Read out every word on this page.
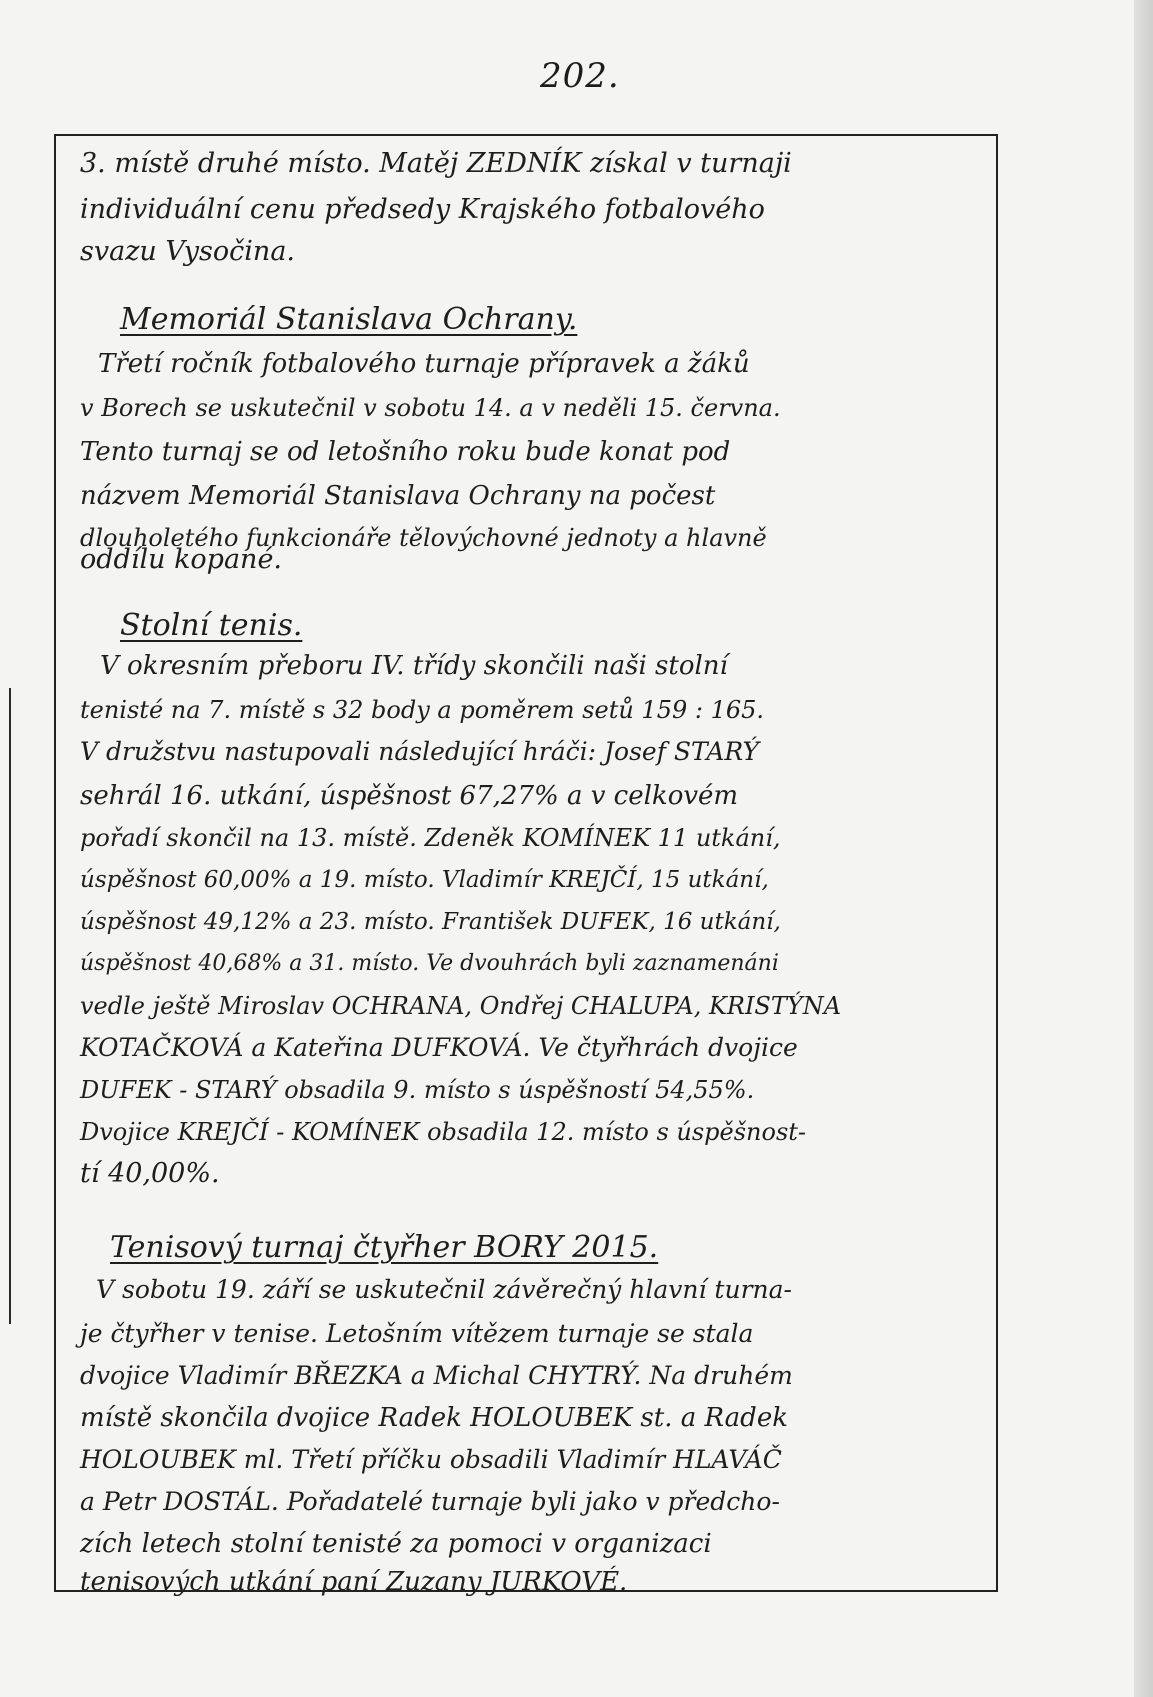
202.
3. místě druhé místo. Matěj ZEDNÍK získal v turnaji
individuální cenu předsedy Krajského fotbalového
svazu Vysočina.
Memoriál Stanislava Ochrany.
Třetí ročník fotbalového turnaje přípravek a žáků
v Borech se uskutečnil v sobotu 14. a v neděli 15. června.
Tento turnaj se od letošního roku bude konat pod
názvem Memoriál Stanislava Ochrany na počest
dlouholetého funkcionáře tělovýchovné jednoty a hlavně
oddílu kopané.
Stolní tenis.
V okresním přeboru IV. třídy skončili naši stolní
tenisté na 7. místě s 32 body a poměrem setů 159 : 165.
V družstvu nastupovali následující hráči: Josef STARÝ
sehrál 16. utkání, úspěšnost 67,27% a v celkovém
pořadí skončil na 13. místě. Zdeněk KOMÍNEK 11 utkání,
úspěšnost 60,00% a 19. místo. Vladimír KREJČÍ, 15 utkání,
úspěšnost 49,12% a 23. místo. František DUFEK, 16 utkání,
úspěšnost 40,68% a 31. místo. Ve dvouhrách byli zaznamenáni
vedle ještě Miroslav OCHRANA, Ondřej CHALUPA, KRISTÝNA
KOTAČKOVÁ a Kateřina DUFKOVÁ. Ve čtyřhrách dvojice
DUFEK - STARÝ obsadila 9. místo s úspěšností 54,55%.
Dvojice KREJČÍ - KOMÍNEK obsadila 12. místo s úspěšnost-
tí 40,00%.
Tenisový turnaj čtyřher BORY 2015.
V sobotu 19. září se uskutečnil závěrečný hlavní turna-
je čtyřher v tenise. Letošním vítězem turnaje se stala
dvojice Vladimír BŘEZKA a Michal CHYTRÝ. Na druhém
místě skončila dvojice Radek HOLOUBEK st. a Radek
HOLOUBEK ml. Třetí příčku obsadili Vladimír HLAVÁČ
a Petr DOSTÁL. Pořadatelé turnaje byli jako v předcho-
zích letech stolní tenisté za pomoci v organizaci
tenisových utkání paní Zuzany JURKOVÉ.
